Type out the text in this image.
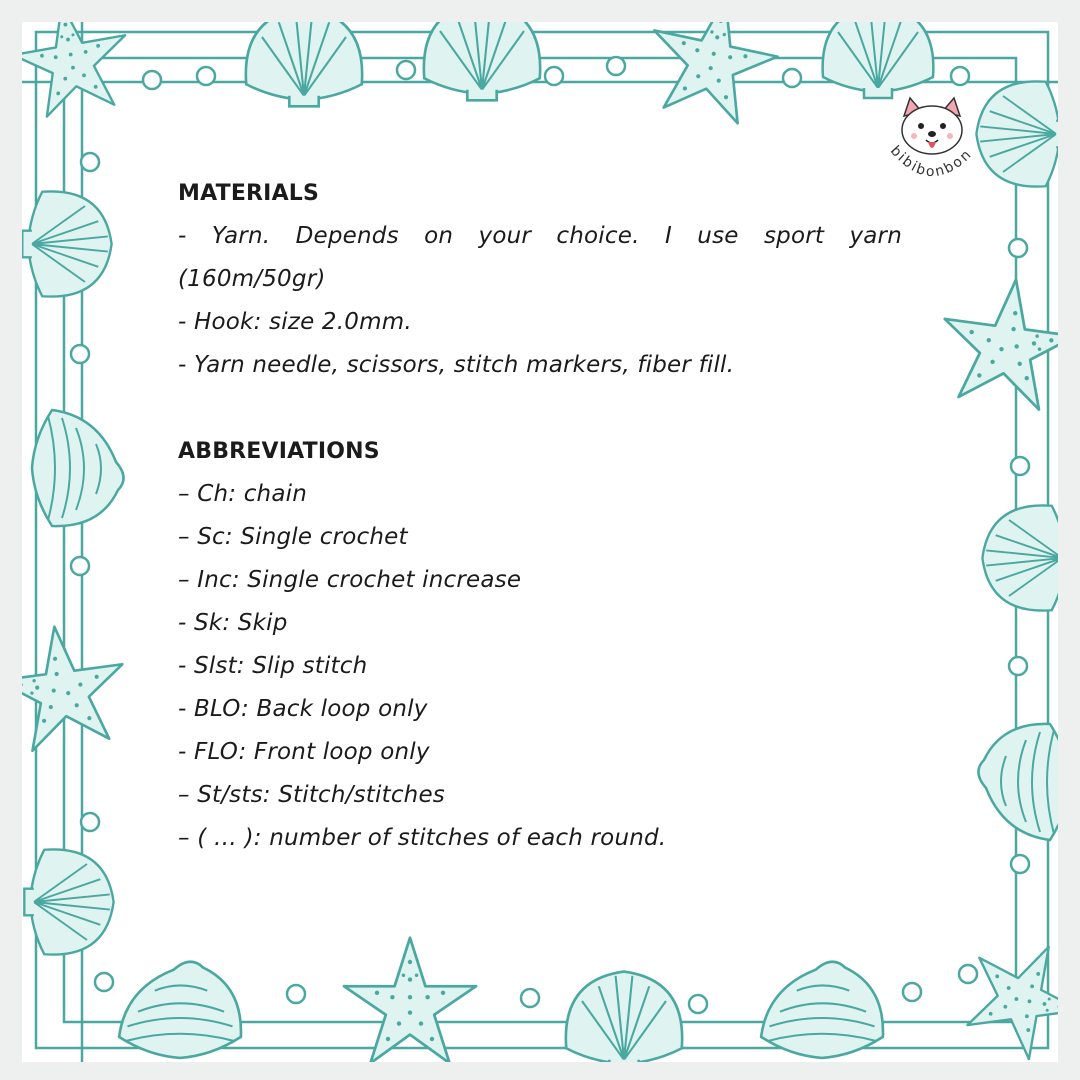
bibibonbon
MATERIALS
- Yarn. Depends on your choice. I use sport yarn
(160m/50gr)
- Hook: size 2.0mm.
- Yarn needle, scissors, stitch markers, fiber fill.
ABBREVIATIONS
– Ch: chain
– Sc: Single crochet
– Inc: Single crochet increase
- Sk: Skip
- Slst: Slip stitch
- BLO: Back loop only
- FLO: Front loop only
– St/sts: Stitch/stitches
– ( … ): number of stitches of each round.
